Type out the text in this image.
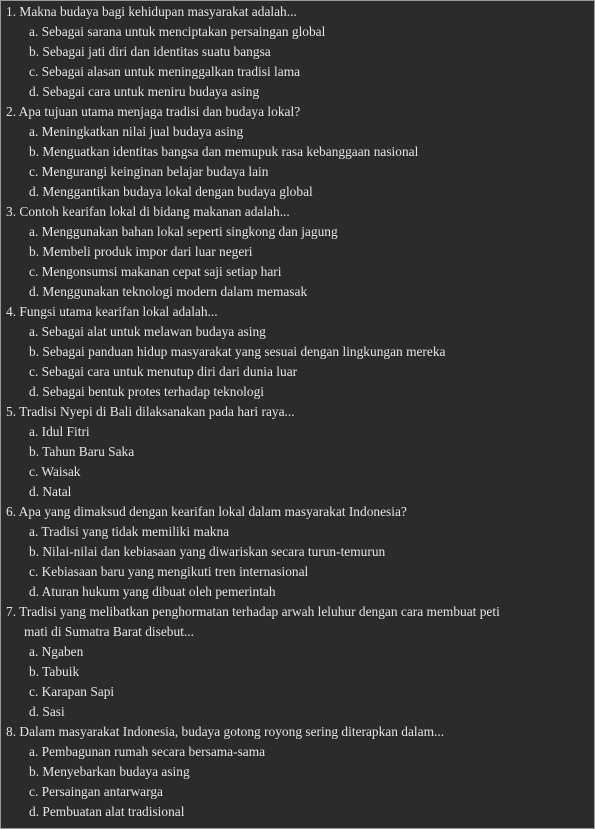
1. Makna budaya bagi kehidupan masyarakat adalah...
a. Sebagai sarana untuk menciptakan persaingan global
b. Sebagai jati diri dan identitas suatu bangsa
c. Sebagai alasan untuk meninggalkan tradisi lama
d. Sebagai cara untuk meniru budaya asing
2. Apa tujuan utama menjaga tradisi dan budaya lokal?
a. Meningkatkan nilai jual budaya asing
b. Menguatkan identitas bangsa dan memupuk rasa kebanggaan nasional
c. Mengurangi keinginan belajar budaya lain
d. Menggantikan budaya lokal dengan budaya global
3. Contoh kearifan lokal di bidang makanan adalah...
a. Menggunakan bahan lokal seperti singkong dan jagung
b. Membeli produk impor dari luar negeri
c. Mengonsumsi makanan cepat saji setiap hari
d. Menggunakan teknologi modern dalam memasak
4. Fungsi utama kearifan lokal adalah...
a. Sebagai alat untuk melawan budaya asing
b. Sebagai panduan hidup masyarakat yang sesuai dengan lingkungan mereka
c. Sebagai cara untuk menutup diri dari dunia luar
d. Sebagai bentuk protes terhadap teknologi
5. Tradisi Nyepi di Bali dilaksanakan pada hari raya...
a. Idul Fitri
b. Tahun Baru Saka
c. Waisak
d. Natal
6. Apa yang dimaksud dengan kearifan lokal dalam masyarakat Indonesia?
a. Tradisi yang tidak memiliki makna
b. Nilai-nilai dan kebiasaan yang diwariskan secara turun-temurun
c. Kebiasaan baru yang mengikuti tren internasional
d. Aturan hukum yang dibuat oleh pemerintah
7. Tradisi yang melibatkan penghormatan terhadap arwah leluhur dengan cara membuat peti
mati di Sumatra Barat disebut...
a. Ngaben
b. Tabuik
c. Karapan Sapi
d. Sasi
8. Dalam masyarakat Indonesia, budaya gotong royong sering diterapkan dalam...
a. Pembagunan rumah secara bersama-sama
b. Menyebarkan budaya asing
c. Persaingan antarwarga
d. Pembuatan alat tradisional
